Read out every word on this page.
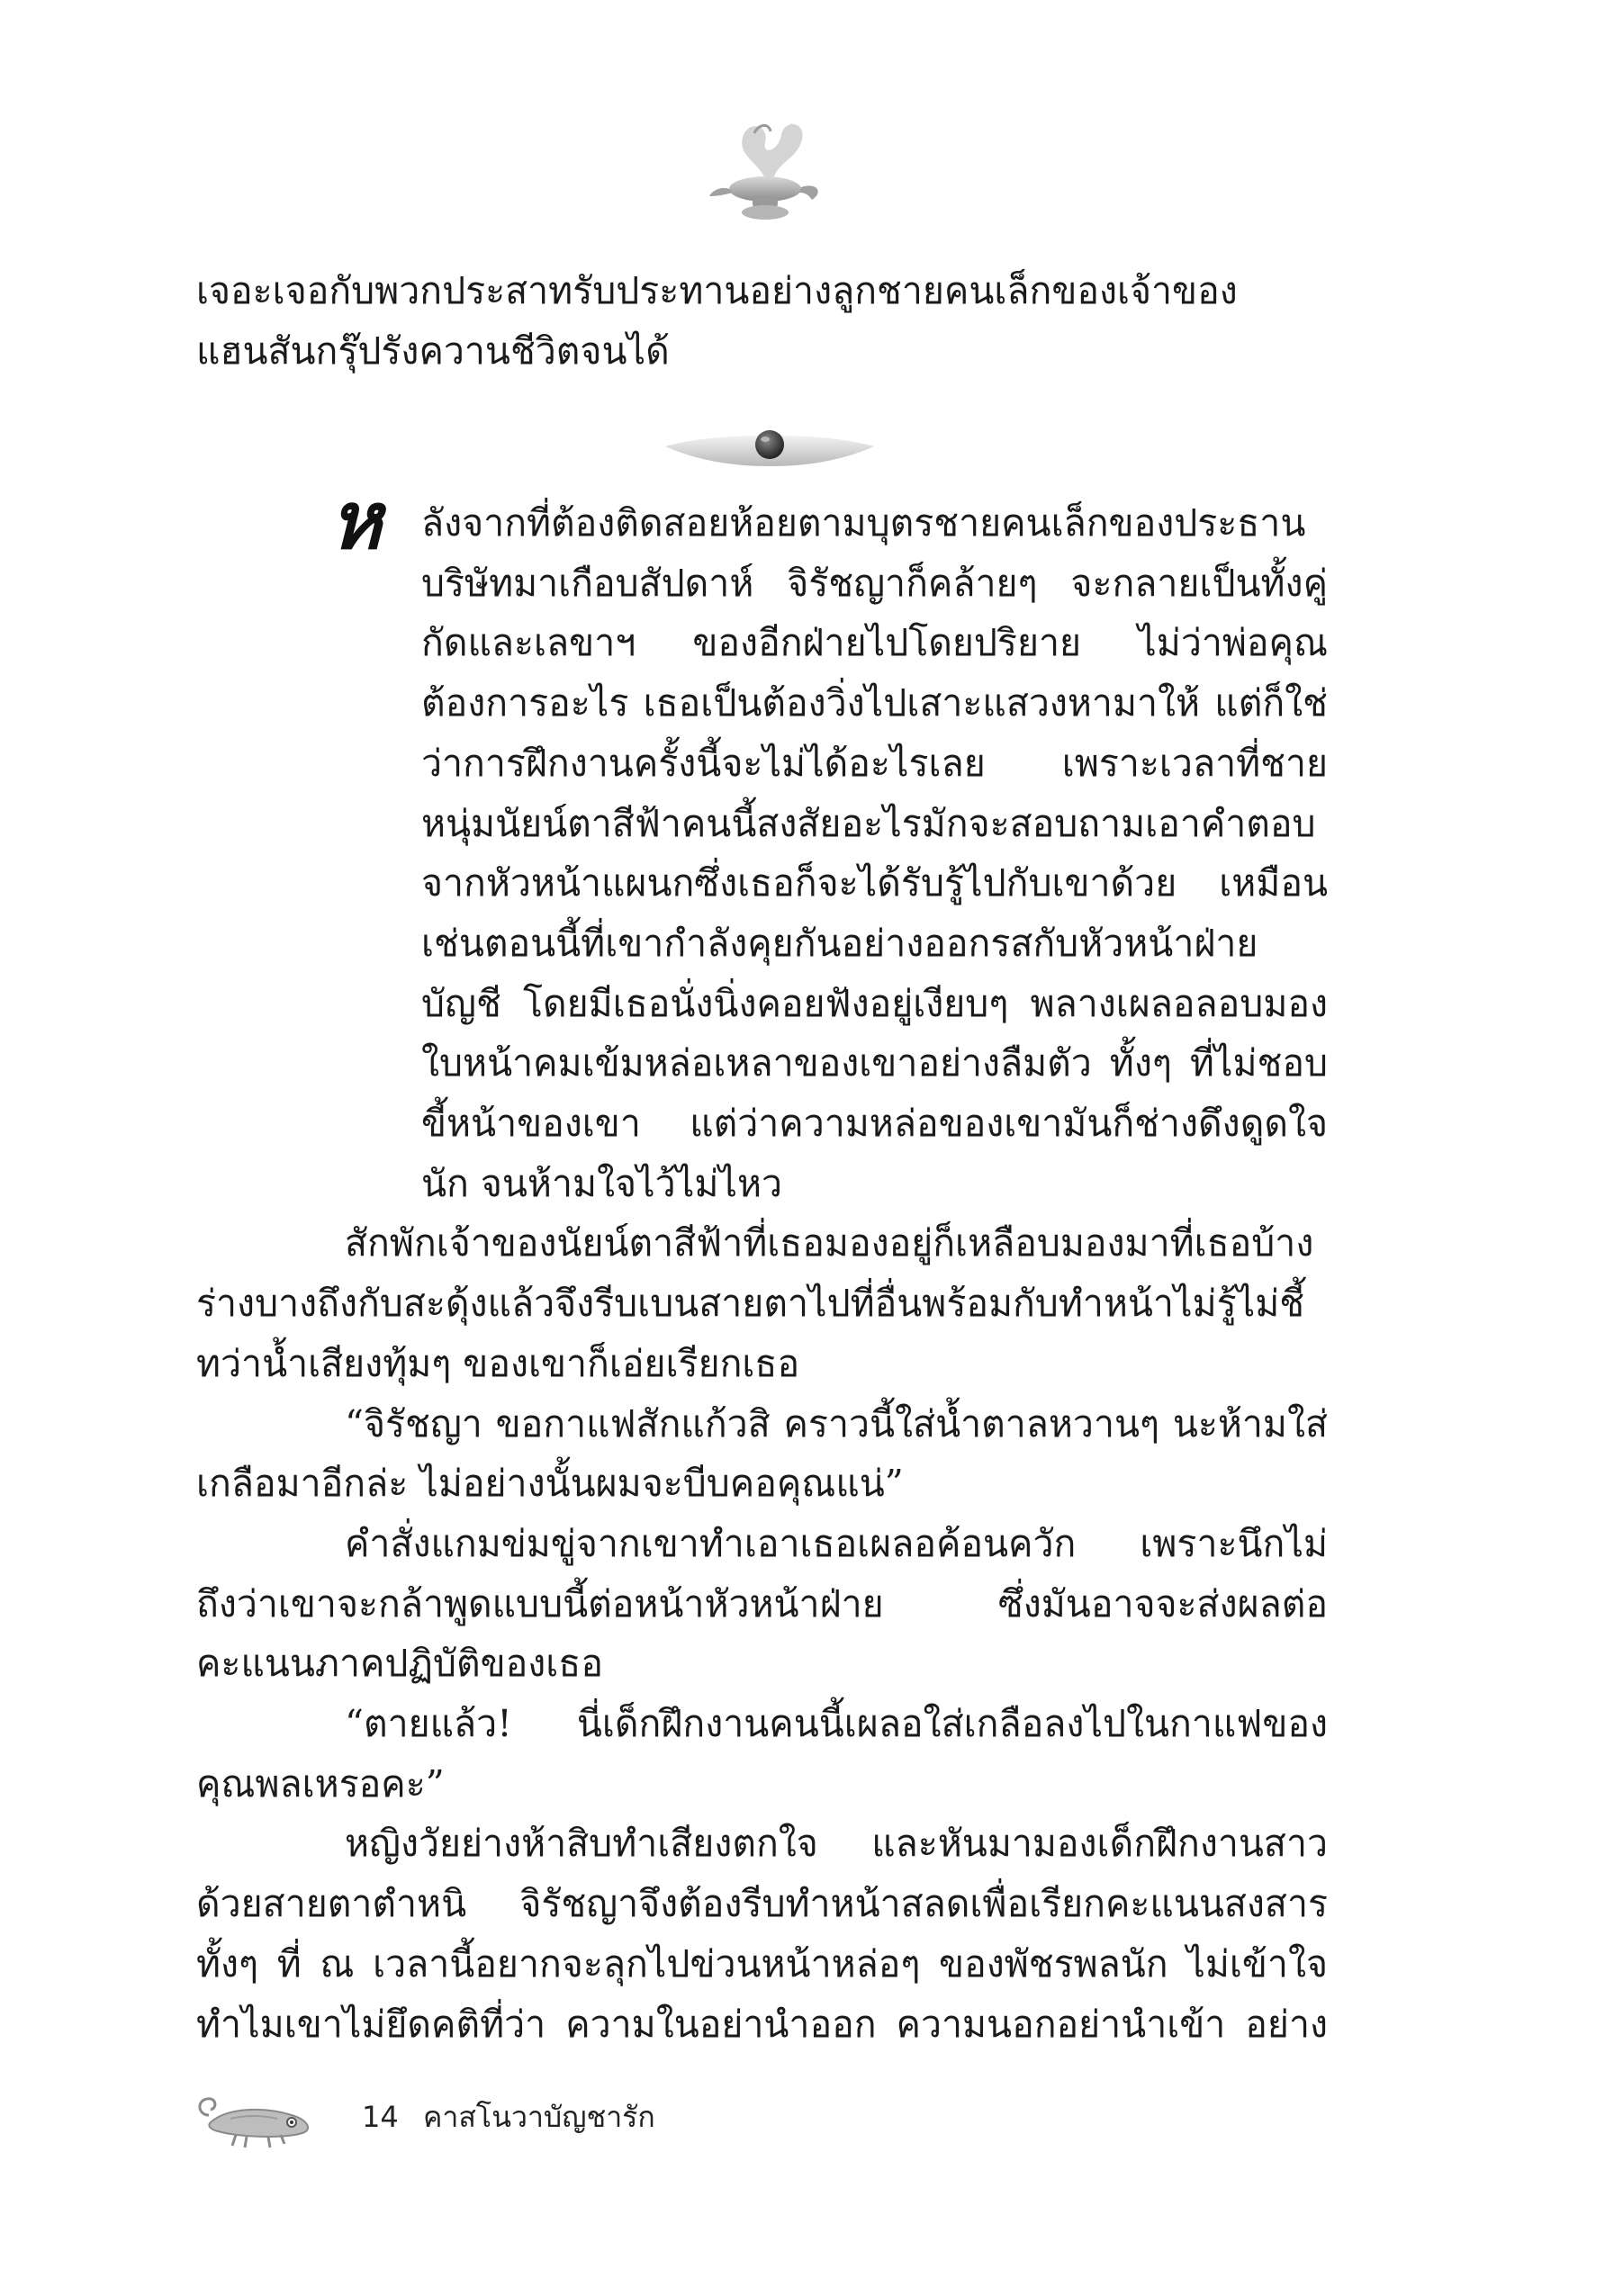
เจอะเจอกับพวกประสาทรับประทานอย่างลูกชายคนเล็กของเจ้าของ

แฮนสันกรุ๊ปรังควานชีวิตจนได้

ห ลังจากที่ต้องติดสอยห้อยตามบุตรชายคนเล็กของประธานบริษัทมาเกือบสัปดาห์ จิรัชญาก็คล้ายๆ จะกลายเป็นทั้งคู่กัดและเลขาฯ ของอีกฝ่ายไปโดยปริยาย ไม่ว่าพ่อคุณต้องการอะไร เธอเป็นต้องวิ่งไปเสาะแสวงหามาให้ แต่ก็ใช่ว่าการฝึกงานครั้งนี้จะไม่ได้อะไรเลย เพราะเวลาที่ชายหนุ่มนัยน์ตาสีฟ้าคนนี้สงสัยอะไรมักจะสอบถามเอาคำตอบจากหัวหน้าแผนกซึ่งเธอก็จะได้รับรู้ไปกับเขาด้วย เหมือนเช่นตอนนี้ที่เขากำลังคุยกันอย่างออกรสกับหัวหน้าฝ่ายบัญชี โดยมีเธอนั่งนิ่งคอยฟังอยู่เงียบๆ พลางเผลอลอบมองใบหน้าคมเข้มหล่อเหลาของเขาอย่างลืมตัว ทั้งๆ ที่ไม่ชอบขี้หน้าของเขา แต่ว่าความหล่อของเขามันก็ช่างดึงดูดใจนัก จนห้ามใจไว้ไม่ไหว

สักพักเจ้าของนัยน์ตาสีฟ้าที่เธอมองอยู่ก็เหลือบมองมาที่เธอบ้าง ร่างบางถึงกับสะดุ้งแล้วจึงรีบเบนสายตาไปที่อื่นพร้อมกับทำหน้าไม่รู้ไม่ชี้ ทว่าน้ำเสียงทุ้มๆ ของเขาก็เอ่ยเรียกเธอ

“จิรัชญา ขอกาแฟสักแก้วสิ คราวนี้ใส่น้ำตาลหวานๆ นะห้ามใส่เกลือมาอีกล่ะ ไม่อย่างนั้นผมจะบีบคอคุณแน่”

คำสั่งแกมข่มขู่จากเขาทำเอาเธอเผลอค้อนควัก เพราะนึกไม่ถึงว่าเขาจะกล้าพูดแบบนี้ต่อหน้าหัวหน้าฝ่าย ซึ่งมันอาจจะส่งผลต่อคะแนนภาคปฏิบัติของเธอ

“ตายแล้ว! นี่เด็กฝึกงานคนนี้เผลอใส่เกลือลงไปในกาแฟของคุณพลเหรอคะ”

หญิงวัยย่างห้าสิบทำเสียงตกใจ และหันมามองเด็กฝึกงานสาวด้วยสายตาตำหนิ จิรัชญาจึงต้องรีบทำหน้าสลดเพื่อเรียกคะแนนสงสารทั้งๆ ที่ ณ เวลานี้อยากจะลุกไปข่วนหน้าหล่อๆ ของพัชรพลนัก ไม่เข้าใจทำไมเขาไม่ยึดคติที่ว่า ความในอย่านำออก ความนอกอย่านำเข้า อย่าง

14 คาสโนวาบัญชารัก
